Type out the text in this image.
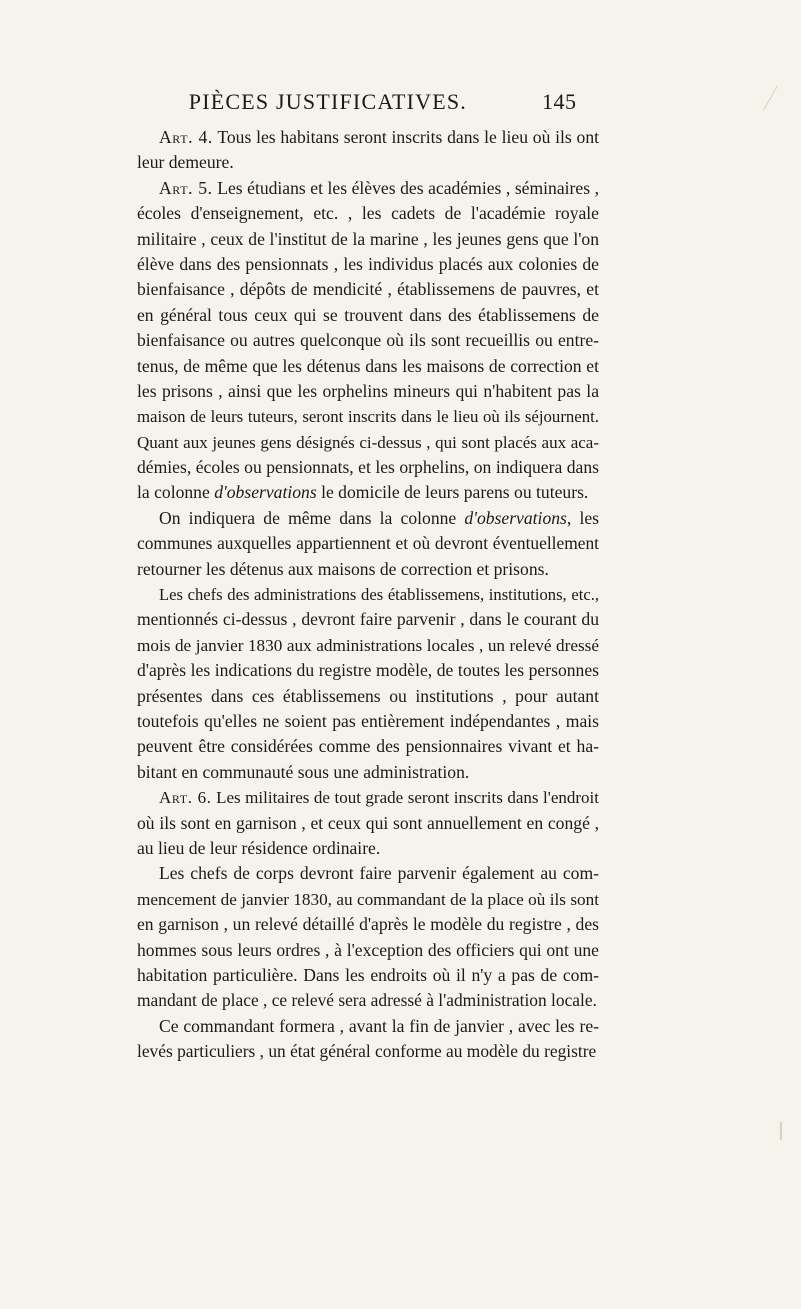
PIÈCES JUSTIFICATIVES.	145
Art. 4. Tous les habitans seront inscrits dans le lieu où ils ont
leur demeure.
Art. 5. Les étudians et les élèves des académies , séminaires ,
écoles d'enseignement, etc. , les cadets de l'académie royale
militaire , ceux de l'institut de la marine , les jeunes gens que l'on
élève dans des pensionnats , les individus placés aux colonies de
bienfaisance , dépôts de mendicité , établissemens de pauvres, et
en général tous ceux qui se trouvent dans des établissemens de
bienfaisance ou autres quelconque où ils sont recueillis ou entre-
tenus, de même que les détenus dans les maisons de correction et
les prisons , ainsi que les orphelins mineurs qui n'habitent pas la
maison de leurs tuteurs, seront inscrits dans le lieu où ils séjournent.
Quant aux jeunes gens désignés ci-dessus , qui sont placés aux aca-
démies, écoles ou pensionnats, et les orphelins, on indiquera dans
la colonne d'observations le domicile de leurs parens ou tuteurs.
On indiquera de même dans la colonne d'observations, les
communes auxquelles appartiennent et où devront éventuellement
retourner les détenus aux maisons de correction et prisons.
Les chefs des administrations des établissemens, institutions, etc.,
mentionnés ci-dessus , devront faire parvenir , dans le courant du
mois de janvier 1830 aux administrations locales , un relevé dressé
d'après les indications du registre modèle, de toutes les personnes
présentes dans ces établissemens ou institutions , pour autant
toutefois qu'elles ne soient pas entièrement indépendantes , mais
peuvent être considérées comme des pensionnaires vivant et ha-
bitant en communauté sous une administration.
Art. 6. Les militaires de tout grade seront inscrits dans l'endroit
où ils sont en garnison , et ceux qui sont annuellement en congé ,
au lieu de leur résidence ordinaire.
Les chefs de corps devront faire parvenir également au com-
mencement de janvier 1830, au commandant de la place où ils sont
en garnison , un relevé détaillé d'après le modèle du registre , des
hommes sous leurs ordres , à l'exception des officiers qui ont une
habitation particulière. Dans les endroits où il n'y a pas de com-
mandant de place , ce relevé sera adressé à l'administration locale.
Ce commandant formera , avant la fin de janvier , avec les re-
levés particuliers , un état général conforme au modèle du registre
